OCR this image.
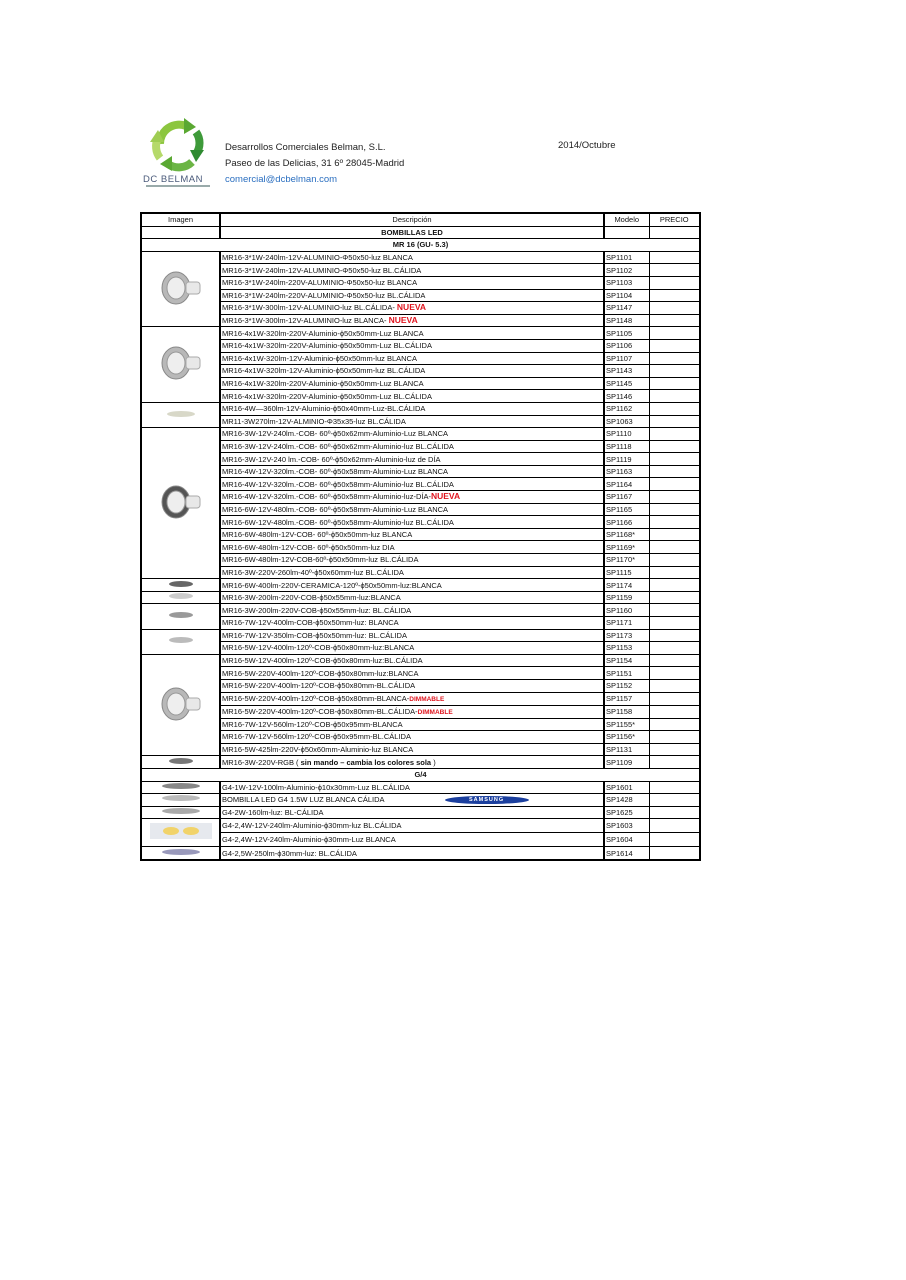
DC BELMAN
Desarrollos Comerciales Belman, S.L.
Paseo de las Delicias, 31 6º 28045-Madrid
comercial@dcbelman.com
2014/Octubre
Imagen	Descripción	Modelo	PRECIO
	BOMBILLAS LED		
MR 16 (GU- 5.3)			
	MR16-3*1W-240lm-12V-ALUMINIO-Φ50x50-luz BLANCA	SP1101	
	MR16-3*1W-240lm-12V-ALUMINIO-Φ50x50-luz BL.CÁLIDA	SP1102	
	MR16-3*1W-240lm-220V-ALUMINIO-Φ50x50-luz BLANCA	SP1103	
	MR16-3*1W-240lm-220V-ALUMINIO-Φ50x50-luz BL.CÁLIDA	SP1104	
	MR16-3*1W-300lm-12V-ALUMINIO-luz BL.CÁLIDA- NUEVA	SP1147	
	MR16-3*1W-300lm-12V-ALUMINIO-luz BLANCA- NUEVA	SP1148	
	MR16-4x1W-320lm-220V-Aluminio-ϕ50x50mm-Luz BLANCA	SP1105	
	MR16-4x1W-320lm-220V-Aluminio-ϕ50x50mm-Luz BL.CÁLIDA	SP1106	
	MR16-4x1W-320lm-12V-Aluminio-ϕ50x50mm-luz BLANCA	SP1107	
	MR16-4x1W-320lm-12V-Aluminio-ϕ50x50mm-luz BL.CÁLIDA	SP1143	
	MR16-4x1W-320lm-220V-Aluminio-ϕ50x50mm-Luz BLANCA	SP1145	
	MR16-4x1W-320lm-220V-Aluminio-ϕ50x50mm-Luz BL.CÁLIDA	SP1146	
	MR16-4W—360lm-12V-Aluminio-ϕ50x40mm-Luz-BL.CÁLIDA	SP1162	
	MR11-3W270lm-12V-ALMINIO-Φ35x35-luz BL.CÁLIDA	SP1063	
	MR16-3W-12V-240lm.-COB- 60º-ϕ50x62mm-Aluminio-Luz BLANCA	SP1110	
	MR16-3W-12V-240lm.-COB- 60º-ϕ50x62mm-Aluminio-luz BL.CÁLIDA	SP1118	
	MR16-3W-12V-240 lm.-COB- 60º-ϕ50x62mm-Aluminio-luz de DÍA	SP1119	
	MR16-4W-12V-320lm.-COB- 60º-ϕ50x58mm-Aluminio-Luz BLANCA	SP1163	
	MR16-4W-12V-320lm.-COB- 60º-ϕ50x58mm-Aluminio-luz BL.CÁLIDA	SP1164	
	MR16-4W-12V-320lm.-COB- 60º-ϕ50x58mm-Aluminio-luz-DÍA-NUEVA	SP1167	
	MR16-6W-12V-480lm.-COB- 60º-ϕ50x58mm-Aluminio-Luz BLANCA	SP1165	
	MR16-6W-12V-480lm.-COB- 60º-ϕ50x58mm-Aluminio-luz BL.CÁLIDA	SP1166	
	MR16-6W-480lm-12V-COB- 60º-ϕ50x50mm-luz BLANCA	SP1168*	
	MR16-6W-480lm-12V-COB- 60º-ϕ50x50mm-luz DIA	SP1169*	
	MR16-6W-480lm-12V-COB-60º-ϕ50x50mm-luz BL.CÁLIDA	SP1170*	
	MR16-3W-220V-260lm-40º-ϕ50x60mm-luz BL.CÁLIDA	SP1115	
	MR16-6W-400lm-220V-CERAMICA-120º-ϕ50x50mm-luz:BLANCA	SP1174	
	MR16-3W-200lm-220V-COB-ϕ50x55mm-luz:BLANCA	SP1159	
	MR16-3W-200lm-220V-COB-ϕ50x55mm-luz: BL.CÁLIDA	SP1160	
	MR16-7W-12V-400lm-COB-ϕ50x50mm-luz: BLANCA	SP1171	
	MR16-7W-12V-350lm-COB-ϕ50x50mm-luz: BL.CÁLIDA	SP1173	
	MR16-5W-12V-400lm-120º-COB-ϕ50x80mm-luz:BLANCA	SP1153	
	MR16-5W-12V-400lm-120º-COB-ϕ50x80mm-luz:BL.CÁLIDA	SP1154	
	MR16-5W-220V-400lm-120º-COB-ϕ50x80mm-luz:BLANCA	SP1151	
	MR16-5W-220V-400lm-120º-COB-ϕ50x80mm-BL.CÁLIDA	SP1152	
	MR16-5W-220V-400lm-120º-COB-ϕ50x80mm-BLANCA-DIMMABLE	SP1157	
	MR16-5W-220V-400lm-120º-COB-ϕ50x80mm-BL.CÁLIDA-DIMMABLE	SP1158	
	MR16-7W-12V-560lm-120º-COB-ϕ50x95mm-BLANCA	SP1155*	
	MR16-7W-12V-560lm-120º-COB-ϕ50x95mm-BL.CÁLIDA	SP1156*	
	MR16-5W-425lm-220V-ϕ50x60mm-Aluminio-luz BLANCA	SP1131	
	MR16-3W-220V-RGB ( sin mando – cambia los colores sola )	SP1109	
G/4			
	G4-1W-12V-100lm-Aluminio-ϕ10x30mm-Luz BL.CÁLIDA	SP1601	
	BOMBILLA LED G4 1.5W LUZ BLANCA CÁLIDA SAMSUNG	SP1428	
	G4-2W-160lm-luz: BL-CÁLIDA	SP1625	
	G4-2,4W-12V-240lm-Aluminio-ϕ30mm-luz BL.CÁLIDA	SP1603	
	G4-2,4W-12V-240lm-Aluminio-ϕ30mm-Luz BLANCA	SP1604	
	G4-2,5W-250lm-ϕ30mm-luz: BL.CÁLIDA	SP1614	
